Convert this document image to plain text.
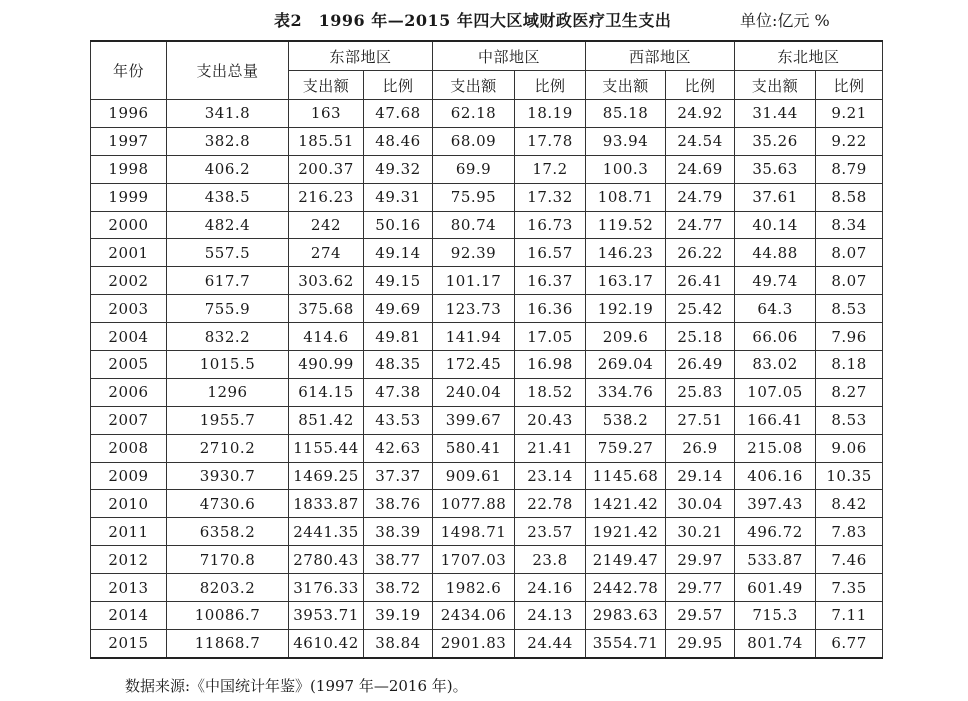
表2　1996 年—2015 年四大区域财政医疗卫生支出	单位:亿元 %
年份	支出总量	东部地区		中部地区		西部地区		东北地区	
		支出额	比例	支出额	比例	支出额	比例	支出额	比例
1996	341.8	163	47.68	62.18	18.19	85.18	24.92	31.44	9.21
1997	382.8	185.51	48.46	68.09	17.78	93.94	24.54	35.26	9.22
1998	406.2	200.37	49.32	69.9	17.2	100.3	24.69	35.63	8.79
1999	438.5	216.23	49.31	75.95	17.32	108.71	24.79	37.61	8.58
2000	482.4	242	50.16	80.74	16.73	119.52	24.77	40.14	8.34
2001	557.5	274	49.14	92.39	16.57	146.23	26.22	44.88	8.07
2002	617.7	303.62	49.15	101.17	16.37	163.17	26.41	49.74	8.07
2003	755.9	375.68	49.69	123.73	16.36	192.19	25.42	64.3	8.53
2004	832.2	414.6	49.81	141.94	17.05	209.6	25.18	66.06	7.96
2005	1015.5	490.99	48.35	172.45	16.98	269.04	26.49	83.02	8.18
2006	1296	614.15	47.38	240.04	18.52	334.76	25.83	107.05	8.27
2007	1955.7	851.42	43.53	399.67	20.43	538.2	27.51	166.41	8.53
2008	2710.2	1155.44	42.63	580.41	21.41	759.27	26.9	215.08	9.06
2009	3930.7	1469.25	37.37	909.61	23.14	1145.68	29.14	406.16	10.35
2010	4730.6	1833.87	38.76	1077.88	22.78	1421.42	30.04	397.43	8.42
2011	6358.2	2441.35	38.39	1498.71	23.57	1921.42	30.21	496.72	7.83
2012	7170.8	2780.43	38.77	1707.03	23.8	2149.47	29.97	533.87	7.46
2013	8203.2	3176.33	38.72	1982.6	24.16	2442.78	29.77	601.49	7.35
2014	10086.7	3953.71	39.19	2434.06	24.13	2983.63	29.57	715.3	7.11
2015	11868.7	4610.42	38.84	2901.83	24.44	3554.71	29.95	801.74	6.77
数据来源:《中国统计年鉴》(1997 年—2016 年)。
